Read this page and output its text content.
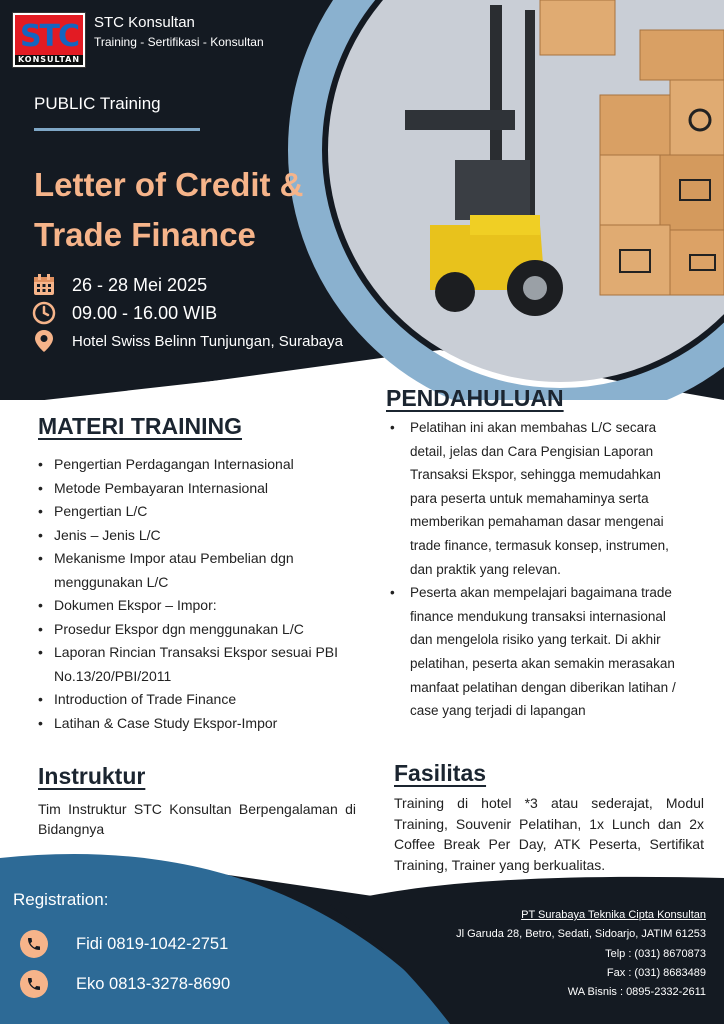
STC
KONSULTAN
STC Konsultan
Training - Sertifikasi - Konsultan
PUBLIC Training
Letter of Credit &
Trade Finance
26 - 28 Mei 2025
09.00 - 16.00 WIB
Hotel Swiss Belinn Tunjungan, Surabaya
MATERI TRAINING
• Pengertian Perdagangan Internasional
• Metode Pembayaran Internasional
• Pengertian L/C
• Jenis – Jenis L/C
• Mekanisme Impor atau Pembelian dgn menggunakan L/C
• Dokumen Ekspor – Impor:
• Prosedur Ekspor dgn menggunakan L/C
• Laporan Rincian Transaksi Ekspor sesuai PBI No.13/20/PBI/2011
• Introduction of Trade Finance
• Latihan & Case Study Ekspor-Impor
PENDAHULUAN
• Pelatihan ini akan membahas L/C secara detail, jelas dan Cara Pengisian Laporan Transaksi Ekspor, sehingga memudahkan para peserta untuk memahaminya serta memberikan pemahaman dasar mengenai trade finance, termasuk konsep, instrumen, dan praktik yang relevan.
• Peserta akan mempelajari bagaimana trade finance mendukung transaksi internasional dan mengelola risiko yang terkait. Di akhir pelatihan, peserta akan semakin merasakan manfaat pelatihan dengan diberikan latihan / case yang terjadi di lapangan
Instruktur
Tim Instruktur STC Konsultan Berpengalaman di Bidangnya
Fasilitas
Training di hotel *3 atau sederajat, Modul Training, Souvenir Pelatihan, 1x Lunch dan 2x Coffee Break Per Day, ATK Peserta, Sertifikat Training, Trainer yang berkualitas.
Registration:
Fidi 0819-1042-2751
Eko 0813-3278-8690
PT Surabaya Teknika Cipta Konsultan
Jl Garuda 28, Betro, Sedati, Sidoarjo, JATIM 61253
Telp : (031) 8670873
Fax : (031) 8683489
WA Bisnis : 0895-2332-2611
